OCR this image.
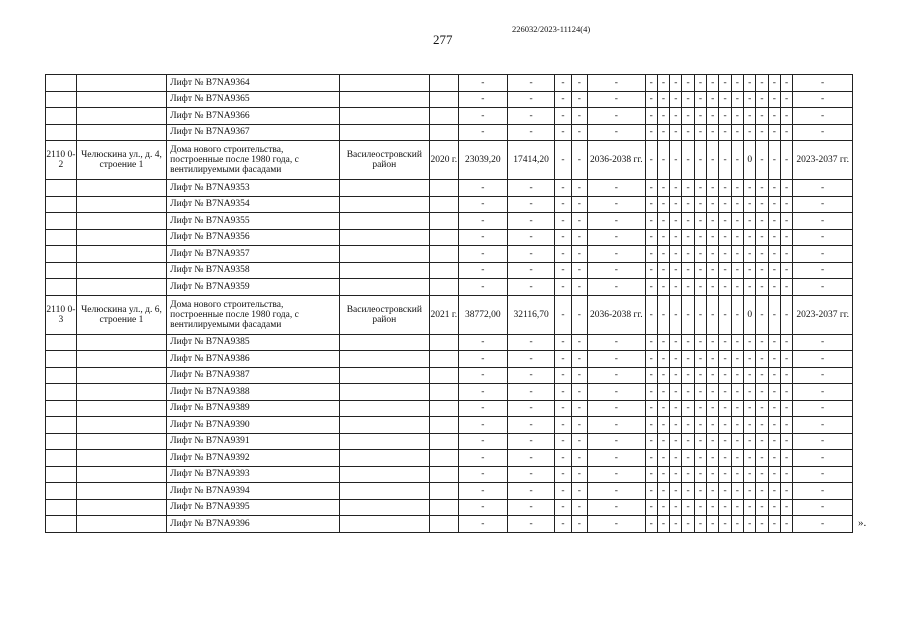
226032/2023-11124(4)
277
		Лифт № В7NA9364			-	-	-	-	-	-	-	-	-	-	-	-	-	-	-	-	-	-
		Лифт № В7NA9365			-	-	-	-	-	-	-	-	-	-	-	-	-	-	-	-	-	-
		Лифт № В7NA9366			-	-	-	-	-	-	-	-	-	-	-	-	-	-	-	-	-	-
		Лифт № В7NA9367			-	-	-	-	-	-	-	-	-	-	-	-	-	-	-	-	-	-
2110 0-2	Челюскина ул., д. 4, строение 1	Дома нового строительства, построенные после 1980 года, с вентилируемыми фасадами	Василеостровский район	2020 г.	23039,20	17414,20	-	-	2036-2038 гг.	-	-	-	-	-	-	-	-	0	-	-	-	2023-2037 гг.
		Лифт № В7NA9353			-	-	-	-	-	-	-	-	-	-	-	-	-	-	-	-	-	-
		Лифт № В7NA9354			-	-	-	-	-	-	-	-	-	-	-	-	-	-	-	-	-	-
		Лифт № В7NA9355			-	-	-	-	-	-	-	-	-	-	-	-	-	-	-	-	-	-
		Лифт № В7NA9356			-	-	-	-	-	-	-	-	-	-	-	-	-	-	-	-	-	-
		Лифт № В7NA9357			-	-	-	-	-	-	-	-	-	-	-	-	-	-	-	-	-	-
		Лифт № В7NA9358			-	-	-	-	-	-	-	-	-	-	-	-	-	-	-	-	-	-
		Лифт № В7NA9359			-	-	-	-	-	-	-	-	-	-	-	-	-	-	-	-	-	-
2110 0-3	Челюскина ул., д. 6, строение 1	Дома нового строительства, построенные после 1980 года, с вентилируемыми фасадами	Василеостровский район	2021 г.	38772,00	32116,70	-	-	2036-2038 гг.	-	-	-	-	-	-	-	-	0	-	-	-	2023-2037 гг.
		Лифт № В7NA9385			-	-	-	-	-	-	-	-	-	-	-	-	-	-	-	-	-	-
		Лифт № В7NA9386			-	-	-	-	-	-	-	-	-	-	-	-	-	-	-	-	-	-
		Лифт № В7NA9387			-	-	-	-	-	-	-	-	-	-	-	-	-	-	-	-	-	-
		Лифт № В7NA9388			-	-	-	-	-	-	-	-	-	-	-	-	-	-	-	-	-	-
		Лифт № В7NA9389			-	-	-	-	-	-	-	-	-	-	-	-	-	-	-	-	-	-
		Лифт № В7NA9390			-	-	-	-	-	-	-	-	-	-	-	-	-	-	-	-	-	-
		Лифт № В7NA9391			-	-	-	-	-	-	-	-	-	-	-	-	-	-	-	-	-	-
		Лифт № В7NA9392			-	-	-	-	-	-	-	-	-	-	-	-	-	-	-	-	-	-
		Лифт № В7NA9393			-	-	-	-	-	-	-	-	-	-	-	-	-	-	-	-	-	-
		Лифт № В7NA9394			-	-	-	-	-	-	-	-	-	-	-	-	-	-	-	-	-	-
		Лифт № В7NA9395			-	-	-	-	-	-	-	-	-	-	-	-	-	-	-	-	-	-
		Лифт № В7NA9396			-	-	-	-	-	-	-	-	-	-	-	-	-	-	-	-	-	-	».
